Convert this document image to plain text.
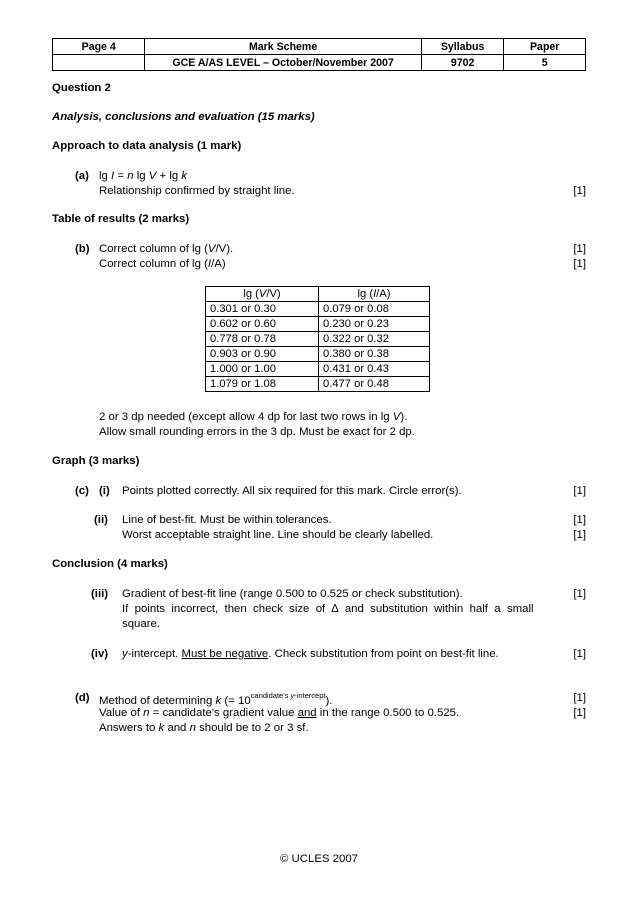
Page 4	Mark Scheme	Syllabus	Paper
	GCE A/AS LEVEL – October/November 2007	9702	5
Question 2
Analysis, conclusions and evaluation (15 marks)
Approach to data analysis (1 mark)
(a) lg I = n lg V + lg k
Relationship confirmed by straight line.	[1]
Table of results (2 marks)
(b) Correct column of lg (V/V).	[1]
Correct column of lg (I/A)	[1]
lg (V/V)	lg (I/A)
0.301 or 0.30	0.079 or 0.08
0.602 or 0.60	0.230 or 0.23
0.778 or 0.78	0.322 or 0.32
0.903 or 0.90	0.380 or 0.38
1.000 or 1.00	0.431 or 0.43
1.079 or 1.08	0.477 or 0.48
2 or 3 dp needed (except allow 4 dp for last two rows in lg V).
Allow small rounding errors in the 3 dp. Must be exact for 2 dp.
Graph (3 marks)
(c) (i) Points plotted correctly. All six required for this mark. Circle error(s).	[1]
(ii) Line of best-fit. Must be within tolerances.	[1]
Worst acceptable straight line. Line should be clearly labelled.	[1]
Conclusion (4 marks)
(iii) Gradient of best-fit line (range 0.500 to 0.525 or check substitution).	[1]
If  points  incorrect,  then  check  size  of  ∆  and  substitution  within  half  a  small
square.
(iv) y-intercept. Must be negative. Check substitution from point on best-fit line.	[1]
(d) Method of determining k (= $10^{candidate's y-intercept}$).	[1]
Value of n = candidate's gradient value and in the range 0.500 to 0.525.	[1]
Answers to k and n should be to 2 or 3 sf.
© UCLES 2007
